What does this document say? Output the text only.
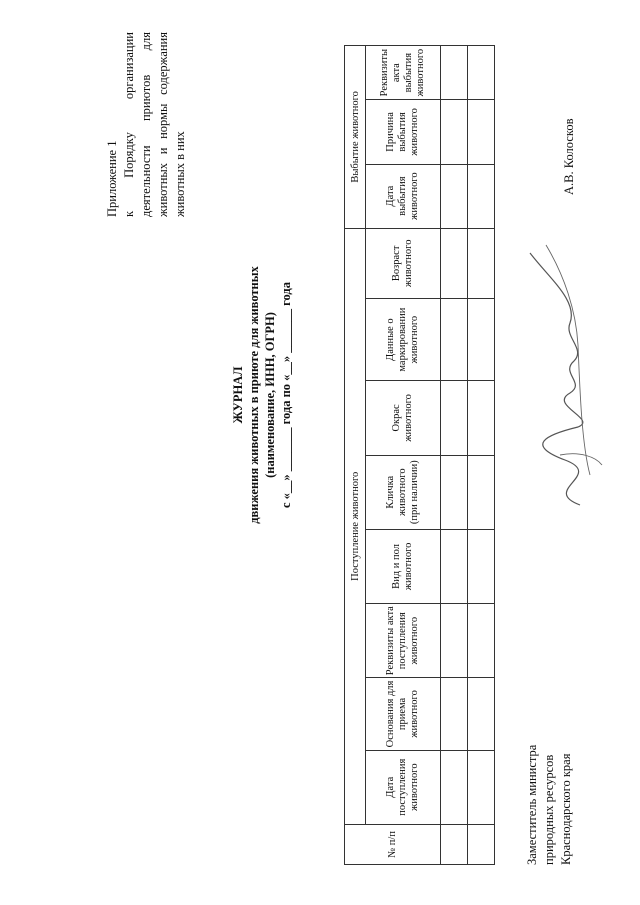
Приложение 1 к Порядку организации деятельности приютов для животных и нормы содержания животных в них
ЖУРНАЛ движения животных в приюте для животных (наименование, ИНН, ОГРН) с «__» _______ года по «__» _______ года
№ п/п	Поступление животного								Выбытие животного		
	Дата поступления животного	Основания для приема животного	Реквизиты акта поступления животного	Вид и пол животного	Кличка животного (при наличии)	Окрас животного	Данные о маркировании животного	Возраст животного	Дата выбытия животного	Причина выбытия животного	Реквизиты акта выбытия животного

Заместитель министра природных ресурсов Краснодарского края
А.В. Колосков
